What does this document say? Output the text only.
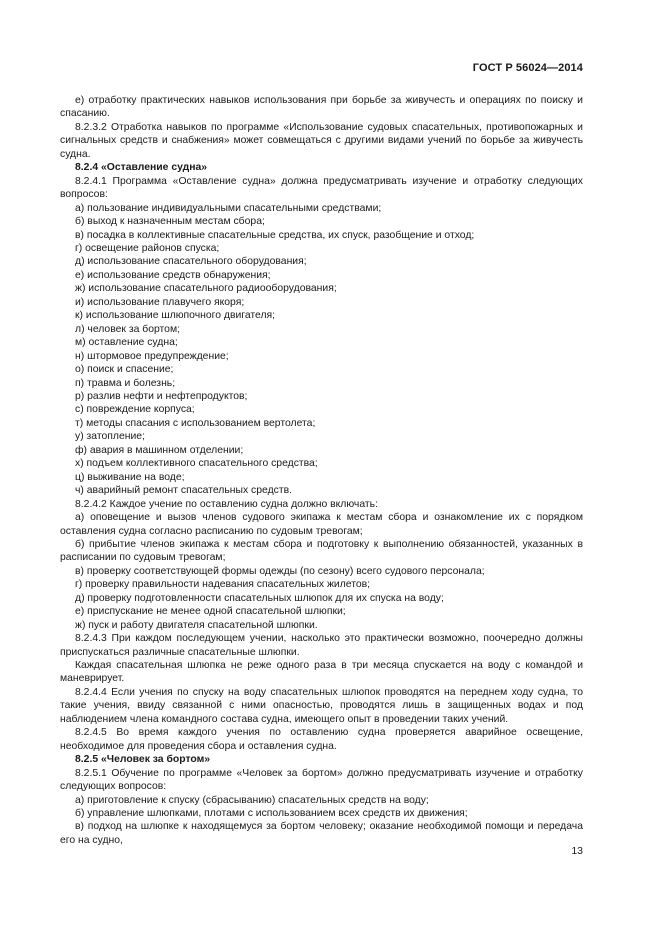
ГОСТ Р 56024—2014

е) отработку практических навыков использования при борьбе за живучесть и операциях по поиску и спасанию.

8.2.3.2 Отработка навыков по программе «Использование судовых спасательных, противопожарных и сигнальных средств и снабжения» может совмещаться с другими видами учений по борьбе за живучесть судна.

8.2.4 «Оставление судна»

8.2.4.1 Программа «Оставление судна» должна предусматривать изучение и отработку следующих вопросов:

а) пользование индивидуальными спасательными средствами;

б) выход к назначенным местам сбора;

в) посадка в коллективные спасательные средства, их спуск, разобщение и отход;

г) освещение районов спуска;

д) использование спасательного оборудования;

е) использование средств обнаружения;

ж) использование спасательного радиооборудования;

и) использование плавучего якоря;

к) использование шлюпочного двигателя;

л) человек за бортом;

м) оставление судна;

н) штормовое предупреждение;

о) поиск и спасение;

п) травма и болезнь;

р) разлив нефти и нефтепродуктов;

с) повреждение корпуса;

т) методы спасания с использованием вертолета;

у) затопление;

ф) авария в машинном отделении;

х) подъем коллективного спасательного средства;

ц) выживание на воде;

ч) аварийный ремонт спасательных средств.

8.2.4.2 Каждое учение по оставлению судна должно включать:

а) оповещение и вызов членов судового экипажа к местам сбора и ознакомление их с порядком оставления судна согласно расписанию по судовым тревогам;

б) прибытие членов экипажа к местам сбора и подготовку к выполнению обязанностей, указанных в расписании по судовым тревогам;

в) проверку соответствующей формы одежды (по сезону) всего судового персонала;

г) проверку правильности надевания спасательных жилетов;

д) проверку подготовленности спасательных шлюпок для их спуска на воду;

е) приспускание не менее одной спасательной шлюпки;

ж) пуск и работу двигателя спасательной шлюпки.

8.2.4.3 При каждом последующем учении, насколько это практически возможно, поочередно должны приспускаться различные спасательные шлюпки.

Каждая спасательная шлюпка не реже одного раза в три месяца спускается на воду с командой и маневрирует.

8.2.4.4 Если учения по спуску на воду спасательных шлюпок проводятся на переднем ходу судна, то такие учения, ввиду связанной с ними опасностью, проводятся лишь в защищенных водах и под наблюдением члена командного состава судна, имеющего опыт в проведении таких учений.

8.2.4.5 Во время каждого учения по оставлению судна проверяется аварийное освещение, необходимое для проведения сбора и оставления судна.

8.2.5 «Человек за бортом»

8.2.5.1 Обучение по программе «Человек за бортом» должно предусматривать изучение и отработку следующих вопросов:

а) приготовление к спуску (сбрасыванию) спасательных средств на воду;

б) управление шлюпками, плотами с использованием всех средств их движения;

в) подход на шлюпке к находящемуся за бортом человеку; оказание необходимой помощи и передача его на судно,

13
